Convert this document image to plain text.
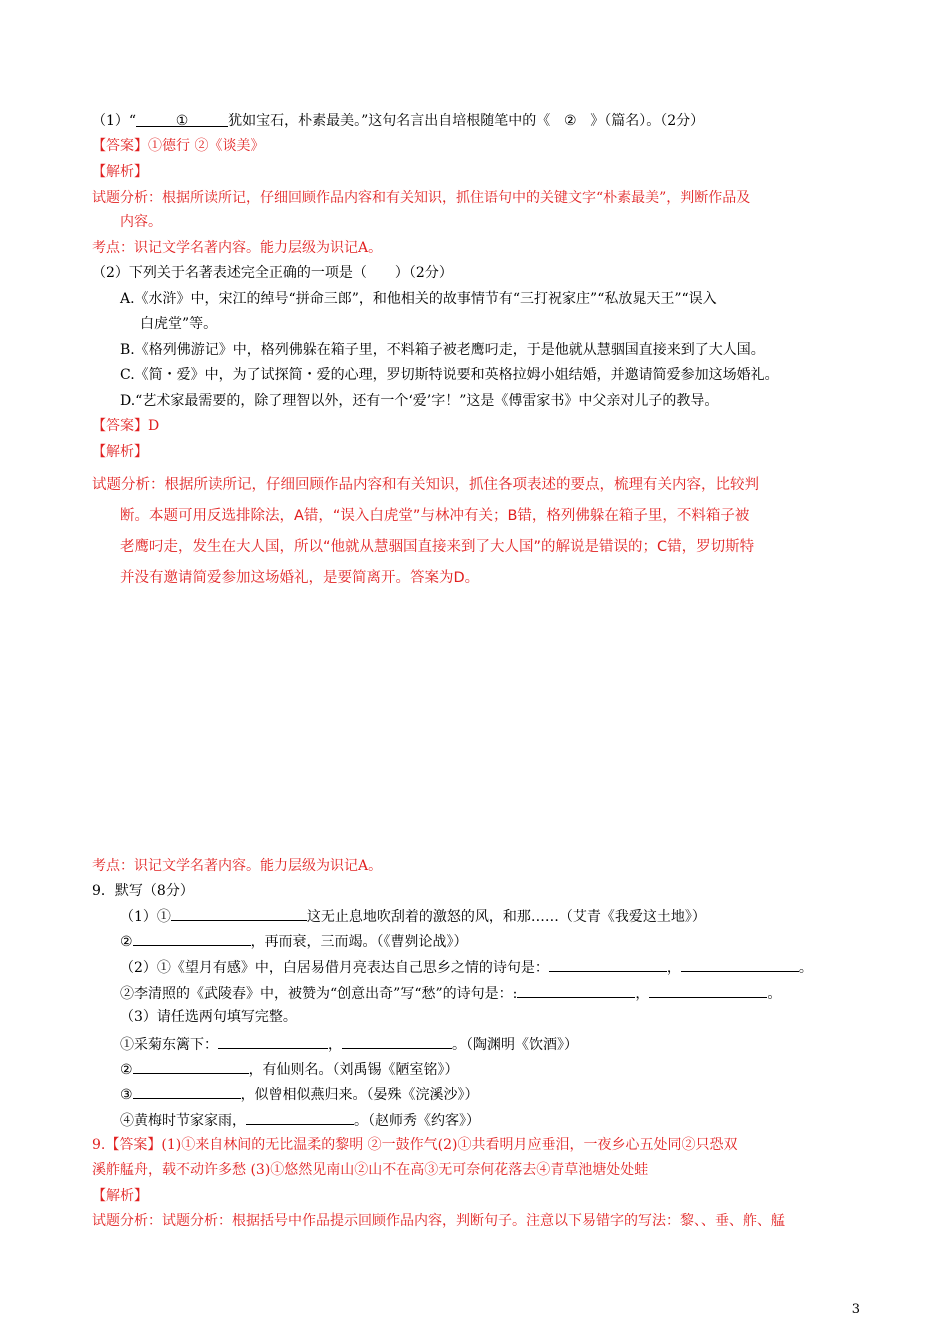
（1）“	①	犹如宝石，朴素最美。”这句名言出自培根随笔中的《 ② 》（篇名）。（2分）
【答案】①德行 ②《谈美》
【解析】
试题分析：根据所读所记，仔细回顾作品内容和有关知识，抓住语句中的关键文字“朴素最美”，判断作品及
内容。
考点：识记文学名著内容。能力层级为识记A。
（2）下列关于名著表述完全正确的一项是（　　）（2分）
A.《水浒》中，宋江的绰号“拼命三郎”，和他相关的故事情节有“三打祝家庄”“私放晁天王”“误入
白虎堂”等。
B.《格列佛游记》中，格列佛躲在箱子里，不料箱子被老鹰叼走，于是他就从慧骃国直接来到了大人国。
C.《简・爱》中，为了试探简・爱的心理，罗切斯特说要和英格拉姆小姐结婚，并邀请简爱参加这场婚礼。
D.“艺术家最需要的，除了理智以外，还有一个‘爱’字！”这是《傅雷家书》中父亲对儿子的教导。
【答案】D
【解析】
试题分析：根据所读所记，仔细回顾作品内容和有关知识，抓住各项表述的要点，梳理有关内容，比较判
断。本题可用反选排除法，A错，“误入白虎堂”与林冲有关；B错，格列佛躲在箱子里，不料箱子被
老鹰叼走，发生在大人国，所以“他就从慧骃国直接来到了大人国”的解说是错误的；C错，罗切斯特
并没有邀请简爱参加这场婚礼，是要简离开。答案为D。
考点：识记文学名著内容。能力层级为识记A。
9．默写（8分）
（1）①	这无止息地吹刮着的激怒的风，和那……（艾青《我爱这土地》）
②	，再而衰，三而竭。（《曹刿论战》）
（2）①《望月有感》中，白居易借月亮表达自己思乡之情的诗句是：	，	。
②李清照的《武陵春》中，被赞为“创意出奇”写“愁”的诗句是：:	，	。
（3）请任选两句填写完整。
①采菊东篱下：	，	。（陶渊明《饮酒》）
②	，有仙则名。（刘禹锡《陋室铭》）
③	，似曾相似燕归来。（晏殊《浣溪沙》）
④黄梅时节家家雨，	。（赵师秀《约客》）
9.【答案】(1)①来自林间的无比温柔的黎明 ②一鼓作气(2)①共看明月应垂泪，一夜乡心五处同②只恐双
溪舴艋舟，载不动许多愁 (3)①悠然见南山②山不在高③无可奈何花落去④青草池塘处处蛙
【解析】
试题分析：试题分析：根据括号中作品提示回顾作品内容，判断句子。注意以下易错字的写法：黎、、垂、舴、艋
3
